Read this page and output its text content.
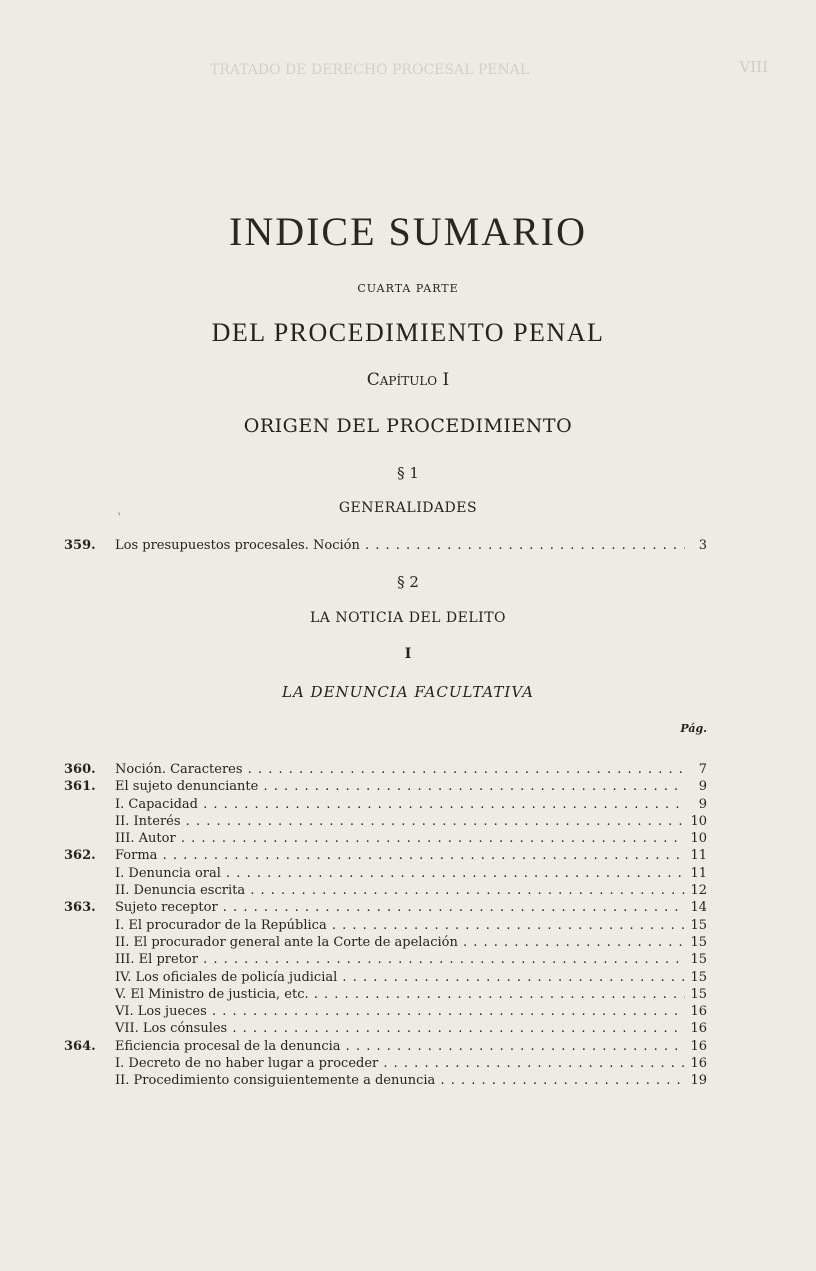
TRATADO DE DERECHO PROCESAL PENAL	VIII
INDICE SUMARIO
CUARTA PARTE
DEL PROCEDIMIENTO PENAL
Capítulo I
ORIGEN DEL PROCEDIMIENTO
§ 1
GENERALIDADES
ˋ
359.	Los presupuestos procesales. Noción . . .	3
§ 2
LA NOTICIA DEL DELITO
I
LA DENUNCIA FACULTATIVA
Pág.
360.	Noción. Caracteres . . .	7
361.	El sujeto denunciante . . .	9
I. Capacidad . . .	9
II. Interés . . .	10
III. Autor . . .	10
362.	Forma . . .	11
I. Denuncia oral . . .	11
II. Denuncia escrita . . .	12
363.	Sujeto receptor . . .	14
I. El procurador de la República . . .	15
II. El procurador general ante la Corte de apelación . . .	15
III. El pretor . . .	15
IV. Los oficiales de policía judicial . . .	15
V. El Ministro de justicia, etc. . . .	15
VI. Los jueces . . .	16
VII. Los cónsules . . .	16
364.	Eficiencia procesal de la denuncia . . .	16
I. Decreto de no haber lugar a proceder . . .	16
II. Procedimiento consiguientemente a denuncia . . .	19
